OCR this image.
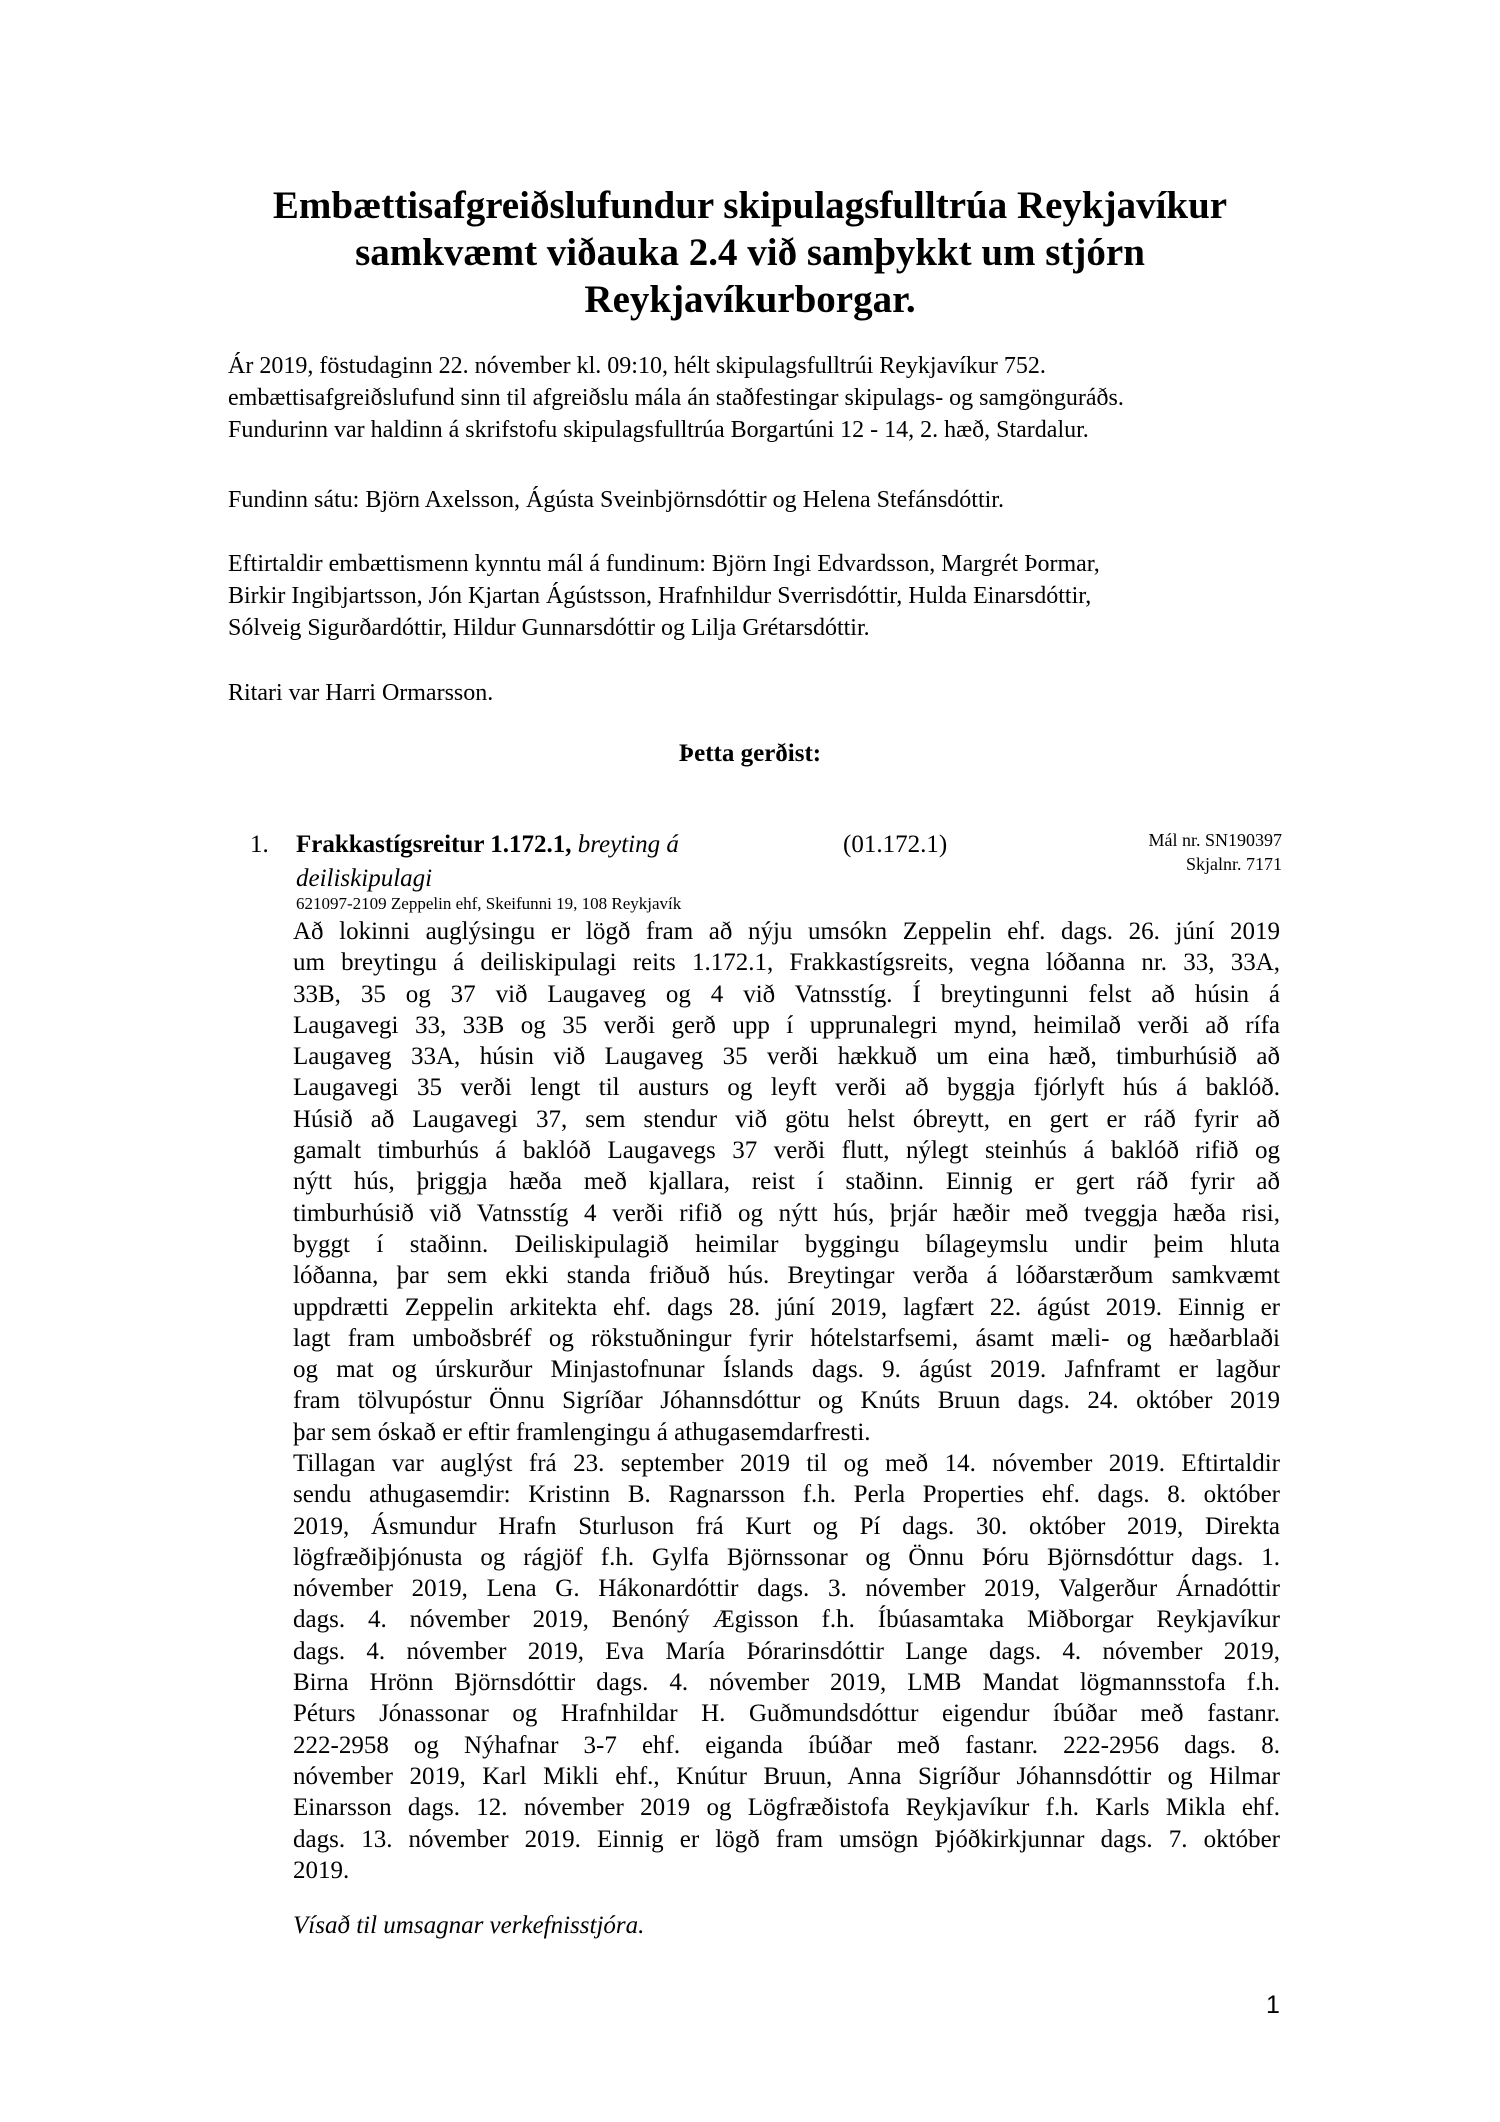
Embættisafgreiðslufundur skipulagsfulltrúa Reykjavíkur
samkvæmt viðauka 2.4 við samþykkt um stjórn
Reykjavíkurborgar.

Ár 2019, föstudaginn 22. nóvember kl. 09:10, hélt skipulagsfulltrúi Reykjavíkur 752.
embættisafgreiðslufund sinn til afgreiðslu mála án staðfestingar skipulags- og samgönguráðs.
Fundurinn var haldinn á skrifstofu skipulagsfulltrúa Borgartúni 12 - 14, 2. hæð, Stardalur.

Fundinn sátu: Björn Axelsson, Ágústa Sveinbjörnsdóttir og Helena Stefánsdóttir.

Eftirtaldir embættismenn kynntu mál á fundinum: Björn Ingi Edvardsson, Margrét Þormar,
Birkir Ingibjartsson, Jón Kjartan Ágústsson, Hrafnhildur Sverrisdóttir, Hulda Einarsdóttir,
Sólveig Sigurðardóttir, Hildur Gunnarsdóttir og Lilja Grétarsdóttir.

Ritari var Harri Ormarsson.

Þetta gerðist:
1. Frakkastígsreitur 1.172.1, breyting á
deiliskipulagi
(01.172.1)	Mál nr. SN190397
Skjalnr. 7171
621097-2109 Zeppelin ehf, Skeifunni 19, 108 Reykjavík
Að lokinni auglýsingu er lögð fram að nýju umsókn Zeppelin ehf. dags. 26. júní 2019
um breytingu á deiliskipulagi reits 1.172.1, Frakkastígsreits, vegna lóðanna nr. 33, 33A,
33B, 35 og 37 við Laugaveg og 4 við Vatnsstíg. Í breytingunni felst að húsin á
Laugavegi 33, 33B og 35 verði gerð upp í upprunalegri mynd, heimilað verði að rífa
Laugaveg 33A, húsin við Laugaveg 35 verði hækkuð um eina hæð, timburhúsið að
Laugavegi 35 verði lengt til austurs og leyft verði að byggja fjórlyft hús á baklóð.
Húsið að Laugavegi 37, sem stendur við götu helst óbreytt, en gert er ráð fyrir að
gamalt timburhús á baklóð Laugavegs 37 verði flutt, nýlegt steinhús á baklóð rifið og
nýtt hús, þriggja hæða með kjallara, reist í staðinn. Einnig er gert ráð fyrir að
timburhúsið við Vatnsstíg 4 verði rifið og nýtt hús, þrjár hæðir með tveggja hæða risi,
byggt í staðinn. Deiliskipulagið heimilar byggingu bílageymslu undir þeim hluta
lóðanna, þar sem ekki standa friðuð hús. Breytingar verða á lóðarstærðum samkvæmt
uppdrætti Zeppelin arkitekta ehf. dags 28. júní 2019, lagfært 22. ágúst 2019. Einnig er
lagt fram umboðsbréf og rökstuðningur fyrir hótelstarfsemi, ásamt mæli- og hæðarblaði
og mat og úrskurður Minjastofnunar Íslands dags. 9. ágúst 2019. Jafnframt er lagður
fram tölvupóstur Önnu Sigríðar Jóhannsdóttur og Knúts Bruun dags. 24. október 2019
þar sem óskað er eftir framlengingu á athugasemdarfresti.
Tillagan var auglýst frá 23. september 2019 til og með 14. nóvember 2019. Eftirtaldir
sendu athugasemdir: Kristinn B. Ragnarsson f.h. Perla Properties ehf. dags. 8. október
2019, Ásmundur Hrafn Sturluson frá Kurt og Pí dags. 30. október 2019, Direkta
lögfræðiþjónusta og rágjöf f.h. Gylfa Björnssonar og Önnu Þóru Björnsdóttur dags. 1.
nóvember 2019, Lena G. Hákonardóttir dags. 3. nóvember 2019, Valgerður Árnadóttir
dags. 4. nóvember 2019, Benóný Ægisson f.h. Íbúasamtaka Miðborgar Reykjavíkur
dags. 4. nóvember 2019, Eva María Þórarinsdóttir Lange dags. 4. nóvember 2019,
Birna Hrönn Björnsdóttir dags. 4. nóvember 2019, LMB Mandat lögmannsstofa f.h.
Péturs Jónassonar og Hrafnhildar H. Guðmundsdóttur eigendur íbúðar með fastanr.
222-2958 og Nýhafnar 3-7 ehf. eiganda íbúðar með fastanr. 222-2956 dags. 8.
nóvember 2019, Karl Mikli ehf., Knútur Bruun, Anna Sigríður Jóhannsdóttir og Hilmar
Einarsson dags. 12. nóvember 2019 og Lögfræðistofa Reykjavíkur f.h. Karls Mikla ehf.
dags. 13. nóvember 2019. Einnig er lögð fram umsögn Þjóðkirkjunnar dags. 7. október
2019.
Vísað til umsagnar verkefnisstjóra.
1
